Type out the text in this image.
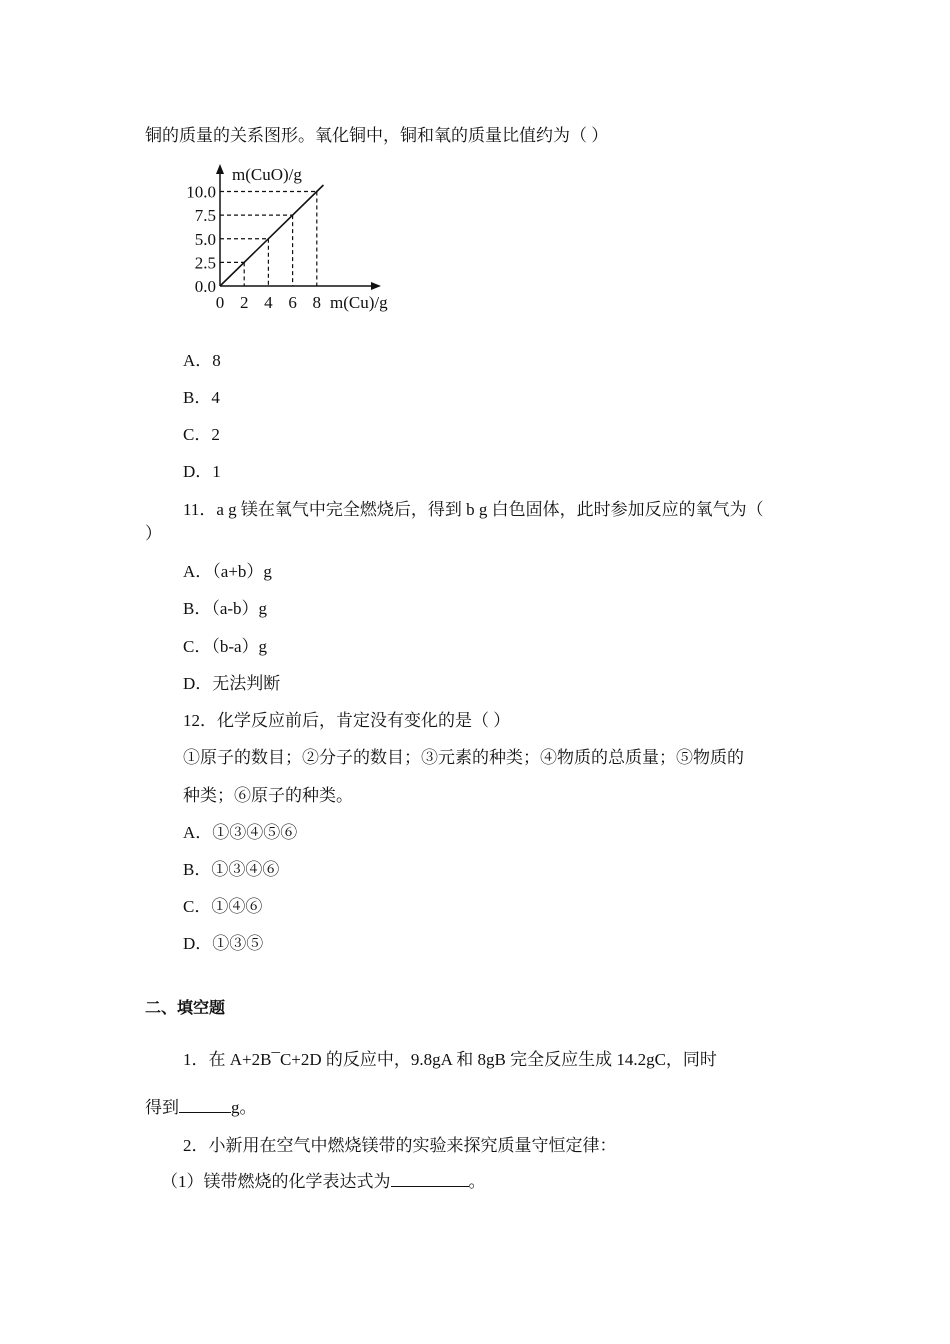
铜的质量的关系图形。氧化铜中，铜和氧的质量比值约为（ ）
0.0
2.5
5.0
7.5
10.0
0 2 4 6 8
m(CuO)/g
m(Cu)/g
A．8
B．4
C．2
D．1
11．a g 镁在氧气中完全燃烧后，得到 b g 白色固体，此时参加反应的氧气为（
）
A．（a+b）g
B．（a-b）g
C．（b-a）g
D．无法判断
12．化学反应前后，肯定没有变化的是（ ）
①原子的数目；②分子的数目；③元素的种类；④物质的总质量；⑤物质的
种类；⑥原子的种类。
A．①③④⑤⑥
B．①③④⑥
C．①④⑥
D．①③⑤
二、填空题
1．在 A+2B¯C+2D 的反应中，9.8gA 和 8gB 完全反应生成 14.2gC，同时
得到	g。
2．小新用在空气中燃烧镁带的实验来探究质量守恒定律：
（1）镁带燃烧的化学表达式为	。
